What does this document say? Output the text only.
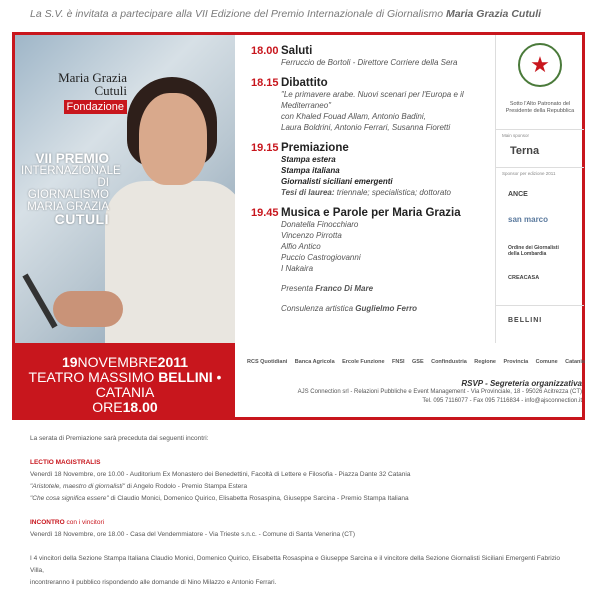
La S.V. è invitata a partecipare alla VII Edizione del Premio Internazionale di Giornalismo Maria Grazia Cutuli
Maria Grazia
Cutuli
Fondazione
VII PREMIO
INTERNAZIONALE
DI GIORNALISMO
MARIA GRAZIA
CUTULI
19NOVEMBRE2011
TEATRO MASSIMO BELLINI • CATANIA
ORE18.00
18.00 Saluti
Ferruccio de Bortoli - Direttore Corriere della Sera
18.15 Dibattito
"Le primavere arabe. Nuovi scenari per l'Europa e il Mediterraneo"
con Khaled Fouad Allam, Antonio Badini,
Laura Boldrini, Antonio Ferrari, Susanna Fioretti
19.15 Premiazione
Stampa estera
Stampa italiana
Giornalisti siciliani emergenti
Tesi di laurea: triennale; specialistica; dottorato
19.45 Musica e Parole per Maria Grazia
Donatella Finocchiaro
Vincenzo Pirrotta
Alfio Antico
Puccio Castrogiovanni
I Nakaira
Presenta Franco Di Mare
Consulenza artistica Guglielmo Ferro
★
Sotto l'Alto Patronato del Presidente della Repubblica
Main sponsor
Terna
Sponsor per edizione 2011
ANCE
san marco
Ordine dei Giornalisti della Lombardia
CREACASA
BELLINI
RCS Quotidiani Banca Agricola Ercole Funzione FNSI GSE Confindustria Regione Provincia Comune Catania
RSVP - Segreteria organizzativa
AJS Connection srl - Relazioni Pubbliche e Event Management - Via Provinciale, 18 - 95026 Acitrezza (CT)
Tel. 095 7116077 - Fax 095 7116834 - info@ajsconnection.it

La serata di Premiazione sarà preceduta dai seguenti incontri:

LECTIO MAGISTRALIS

Venerdì 18 Novembre, ore 10.00 - Auditorium Ex Monastero dei Benedettini, Facoltà di Lettere e Filosofia - Piazza Dante 32 Catania

"Aristotele, maestro di giornalisti" di Angelo Rodolo - Premio Stampa Estera

"Che cosa significa essere" di Claudio Monici, Domenico Quirico, Elisabetta Rosaspina, Giuseppe Sarcina - Premio Stampa Italiana

INCONTRO con i vincitori

Venerdì 18 Novembre, ore 18.00 - Casa del Vendemmiatore - Via Trieste s.n.c. - Comune di Santa Venerina (CT)

I 4 vincitori della Sezione Stampa Italiana Claudio Monici, Domenico Quirico, Elisabetta Rosaspina e Giuseppe Sarcina e il vincitore della Sezione Giornalisti Siciliani Emergenti Fabrizio Villa,

incontreranno il pubblico rispondendo alle domande di Nino Milazzo e Antonio Ferrari.
